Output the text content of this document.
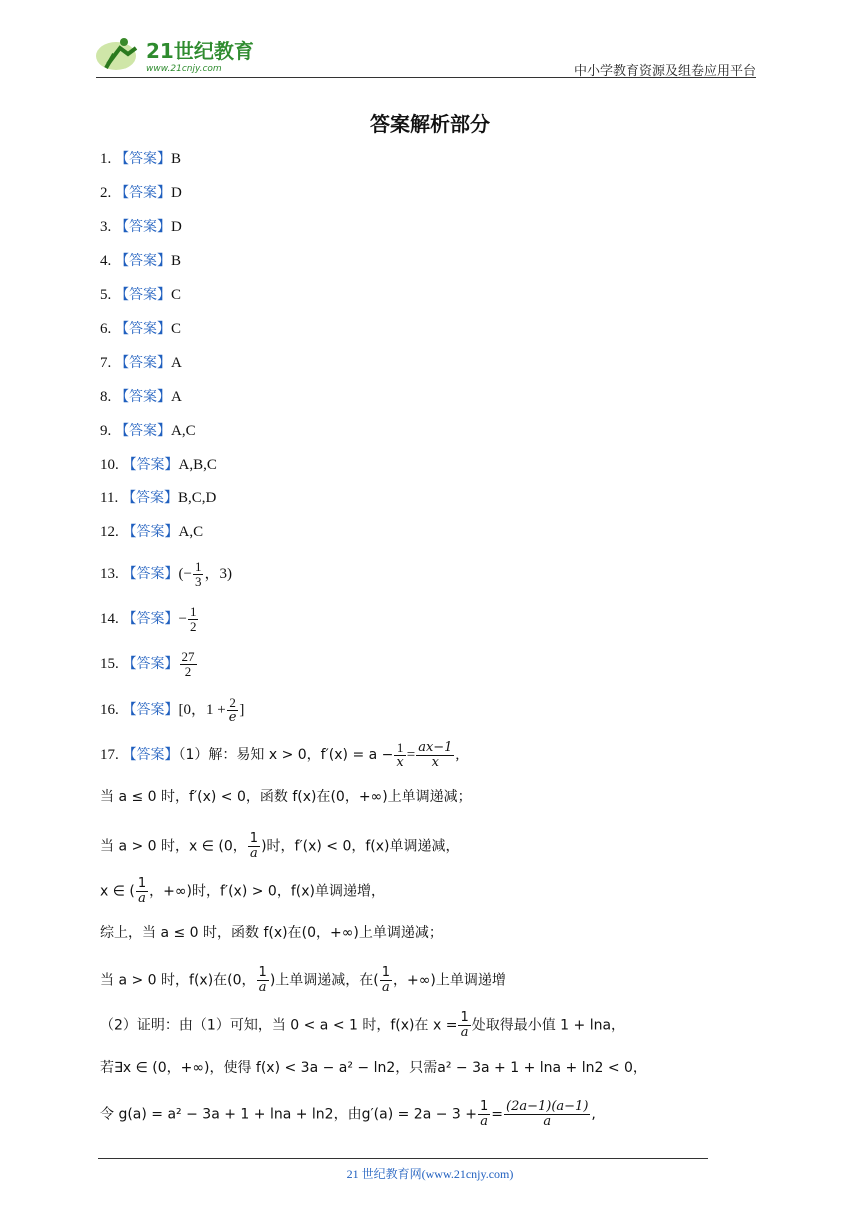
21世纪教育
www.21cnjy.com	中小学教育资源及组卷应用平台
答案解析部分
1. 【答案】B
2. 【答案】D
3. 【答案】D
4. 【答案】B
5. 【答案】C
6. 【答案】C
7. 【答案】A
8. 【答案】A
9. 【答案】A,C
10. 【答案】A,B,C
11. 【答案】B,C,D
12. 【答案】A,C
13. 【答案】(− $\frac{1}{3}$ ，3)
14. 【答案】− $\frac{1}{2}$
15. 【答案】 $\frac{27}{2}$
16. 【答案】[0，$1 + \frac{2}{e}$ ]
17. 【答案】（1）解：易知 x > 0，$f'(x) = a - \frac{1}{x} = \frac{ax-1}{x}$ ,
当 a ≤ 0 时，f′(x) < 0，函数 f(x)在(0，+∞)上单调递减；
当 a > 0 时，x ∈ (0， $\frac{1}{a}$ )时，f′(x) < 0，f(x)单调递减，
x ∈ ( $\frac{1}{a}$ ，+∞)时，f′(x) > 0，f(x)单调递增，
综上，当 a ≤ 0 时，函数 f(x)在(0，+∞)上单调递减；
当 a > 0 时，f(x)在(0， $\frac{1}{a}$ )上单调递减，在( $\frac{1}{a}$ ，+∞)上单调递增
（2）证明：由（1）可知，当 0 < a < 1 时，f(x)在 $x = \frac{1}{a}$ 处取得最小值 1 + lna，
若∃x ∈ (0，+∞)，使得 f(x) < 3a − a² − ln2，只需a² − 3a + 1 + lna + ln2 < 0，
令 g(a) = a² − 3a + 1 + lna + ln2，由$g'(a) = 2a - 3 + \frac{1}{a} = \frac{(2a-1)(a-1)}{a}$ ,
21 世纪教育网(www.21cnjy.com)
